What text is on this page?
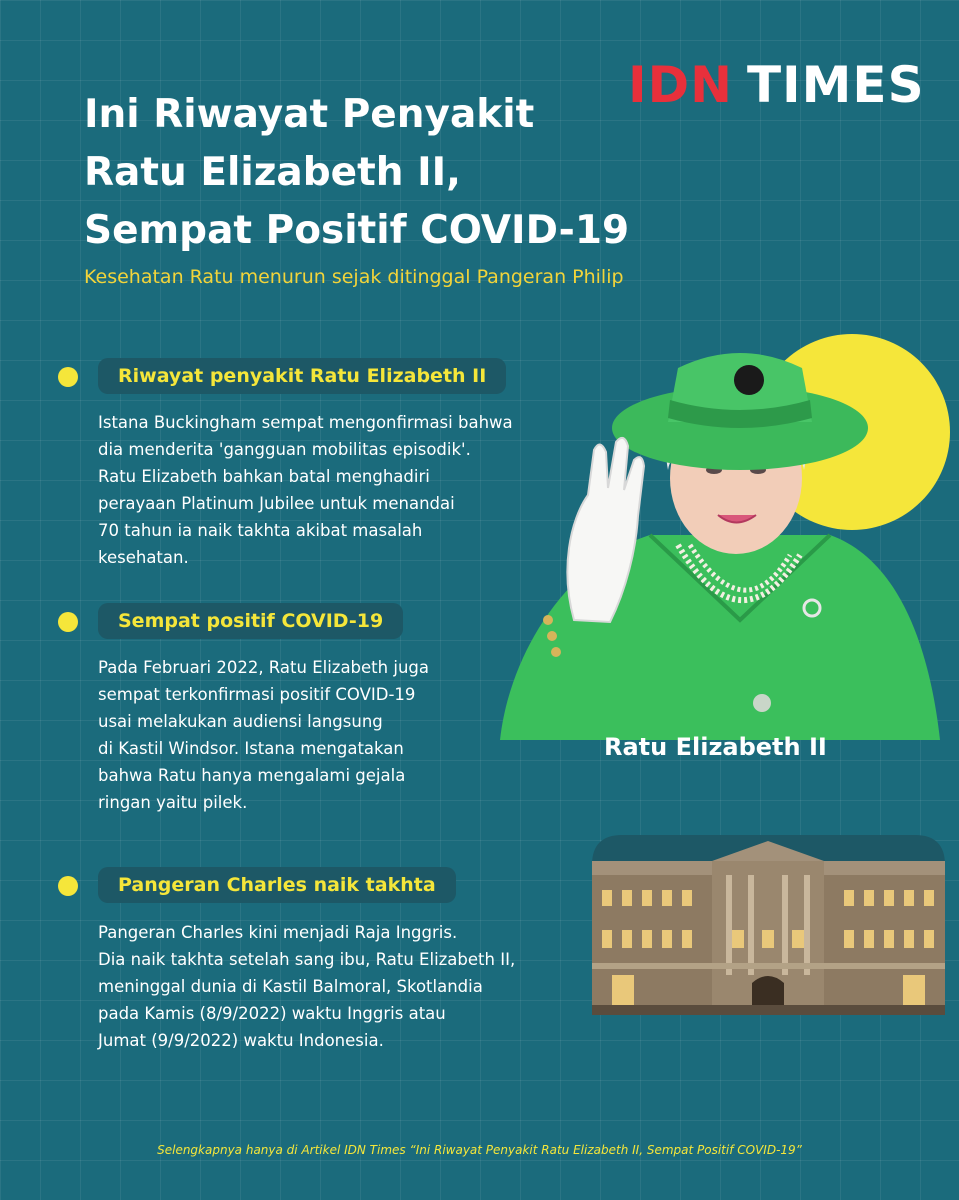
IDN TIMES
Ini Riwayat Penyakit
Ratu Elizabeth II,
Sempat Positif COVID-19
Kesehatan Ratu menurun sejak ditinggal Pangeran Philip
Riwayat penyakit Ratu Elizabeth II
Istana Buckingham sempat mengonfirmasi bahwa
dia menderita 'gangguan mobilitas episodik'.
Ratu Elizabeth bahkan batal menghadiri
perayaan Platinum Jubilee untuk menandai
70 tahun ia naik takhta akibat masalah
kesehatan.
Sempat positif COVID-19
Pada Februari 2022, Ratu Elizabeth juga
sempat terkonfirmasi positif COVID-19
usai melakukan audiensi langsung
di Kastil Windsor. Istana mengatakan
bahwa Ratu hanya mengalami gejala
ringan yaitu pilek.
Pangeran Charles naik takhta
Pangeran Charles kini menjadi Raja Inggris.
Dia naik takhta setelah sang ibu, Ratu Elizabeth II,
meninggal dunia di Kastil Balmoral, Skotlandia
pada Kamis (8/9/2022) waktu Inggris atau
Jumat (9/9/2022) waktu Indonesia.
Ratu Elizabeth II
Selengkapnya hanya di Artikel IDN Times “Ini Riwayat Penyakit Ratu Elizabeth II, Sempat Positif COVID-19”
